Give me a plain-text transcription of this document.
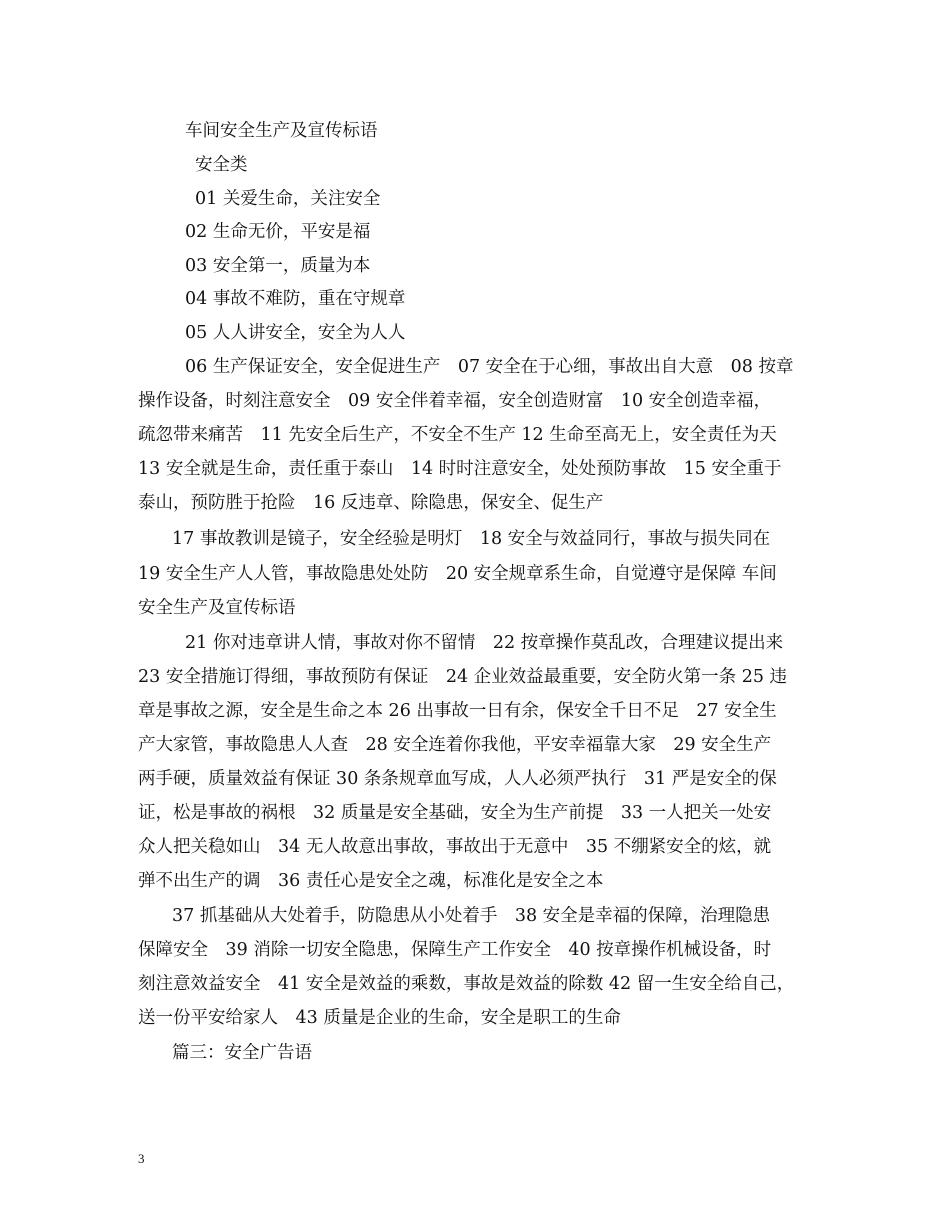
车间安全生产及宣传标语
安全类
01 关爱生命，关注安全
02 生命无价，平安是福
03 安全第一，质量为本
04 事故不难防，重在守规章
05 人人讲安全，安全为人人
06 生产保证安全，安全促进生产　07 安全在于心细，事故出自大意　08 按章
操作设备，时刻注意安全　09 安全伴着幸福，安全创造财富　10 安全创造幸福，
疏忽带来痛苦　11 先安全后生产，不安全不生产 12 生命至高无上，安全责任为天
13 安全就是生命，责任重于泰山　14 时时注意安全，处处预防事故　15 安全重于
泰山，预防胜于抢险　16 反违章、除隐患，保安全、促生产
17 事故教训是镜子，安全经验是明灯　18 安全与效益同行，事故与损失同在
19 安全生产人人管，事故隐患处处防　20 安全规章系生命，自觉遵守是保障 车间
安全生产及宣传标语
21 你对违章讲人情，事故对你不留情　22 按章操作莫乱改，合理建议提出来
23 安全措施订得细，事故预防有保证　24 企业效益最重要，安全防火第一条 25 违
章是事故之源，安全是生命之本 26 出事故一日有余，保安全千日不足　27 安全生
产大家管，事故隐患人人查　28 安全连着你我他，平安幸福靠大家　29 安全生产
两手硬，质量效益有保证 30 条条规章血写成，人人必须严执行　31 严是安全的保
证，松是事故的祸根　32 质量是安全基础，安全为生产前提　33 一人把关一处安
众人把关稳如山　34 无人故意出事故，事故出于无意中　35 不绷紧安全的炫，就
弹不出生产的调　36 责任心是安全之魂，标准化是安全之本
37 抓基础从大处着手，防隐患从小处着手　38 安全是幸福的保障，治理隐患
保障安全　39 消除一切安全隐患，保障生产工作安全　40 按章操作机械设备，时
刻注意效益安全　41 安全是效益的乘数，事故是效益的除数 42 留一生安全给自己，
送一份平安给家人　43 质量是企业的生命，安全是职工的生命
篇三：安全广告语
3
